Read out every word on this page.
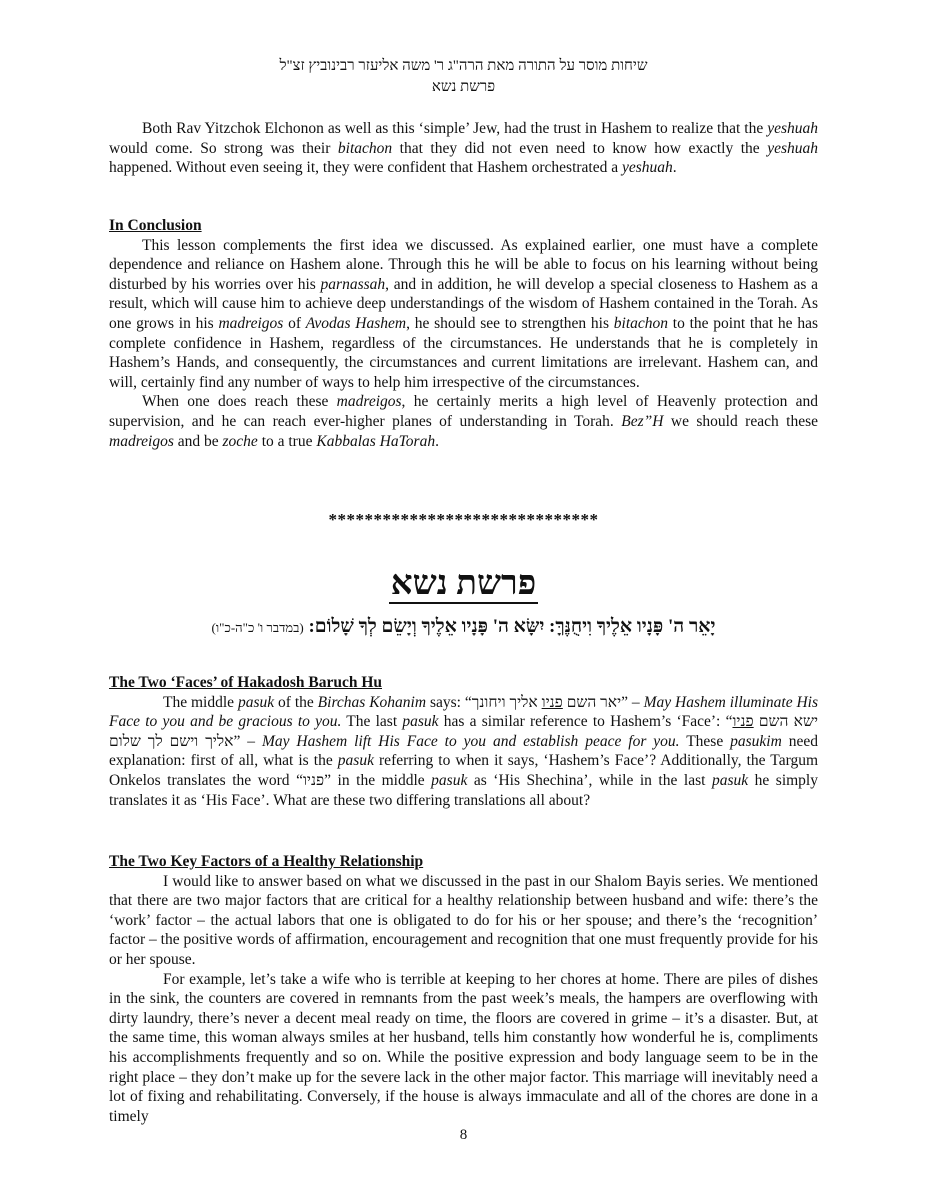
שיחות מוסר על התורה מאת הרה"ג ר' משה אליעזר רבינוביץ זצ"ל
פרשת נשא

Both Rav Yitzchok Elchonon as well as this ‘simple’ Jew, had the trust in Hashem to realize that the yeshuah would come. So strong was their bitachon that they did not even need to know how exactly the yeshuah happened. Without even seeing it, they were confident that Hashem orchestrated a yeshuah.

In Conclusion

This lesson complements the first idea we discussed. As explained earlier, one must have a complete dependence and reliance on Hashem alone. Through this he will be able to focus on his learning without being disturbed by his worries over his parnassah, and in addition, he will develop a special closeness to Hashem as a result, which will cause him to achieve deep understandings of the wisdom of Hashem contained in the Torah. As one grows in his madreigos of Avodas Hashem, he should see to strengthen his bitachon to the point that he has complete confidence in Hashem, regardless of the circumstances. He understands that he is completely in Hashem’s Hands, and consequently, the circumstances and current limitations are irrelevant. Hashem can, and will, certainly find any number of ways to help him irrespective of the circumstances.

When one does reach these madreigos, he certainly merits a high level of Heavenly protection and supervision, and he can reach ever-higher planes of understanding in Torah. Bez”H we should reach these madreigos and be zoche to a true Kabbalas HaTorah.

******************************
פרשת נשא
יָאֵר ה' פָּנָיו אֵלֶיךָ וִיחֻנֶּךָּ: יִשָּׂא ה' פָּנָיו אֵלֶיךָ וְיָשֵׂם לְךָ שָׁלוֹם: (במדבר ו' כ"ה-כ"ו)

The Two ‘Faces’ of Hakadosh Baruch Hu

The middle pasuk of the Birchas Kohanim says: “	יאר השם פניו אליך ויחונך	” – May Hashem illuminate His Face to you and be gracious to you. The last pasuk has a similar reference to Hashem’s ‘Face’: “ ישא השם פניו אליך וישם לך שלום” – May Hashem lift His Face to you and establish peace for you. These pasukim need explanation: first of all, what is the pasuk referring to when it says, ‘Hashem’s Face’? Additionally, the Targum Onkelos translates the word “פניו” in the middle pasuk as ‘His Shechina’, while in the last pasuk he simply translates it as ‘His Face’. What are these two differing translations all about?

The Two Key Factors of a Healthy Relationship

I would like to answer based on what we discussed in the past in our Shalom Bayis series. We mentioned that there are two major factors that are critical for a healthy relationship between husband and wife: there’s the ‘work’ factor – the actual labors that one is obligated to do for his or her spouse; and there’s the ‘recognition’ factor – the positive words of affirmation, encouragement and recognition that one must frequently provide for his or her spouse.

For example, let’s take a wife who is terrible at keeping to her chores at home. There are piles of dishes in the sink, the counters are covered in remnants from the past week’s meals, the hampers are overflowing with dirty laundry, there’s never a decent meal ready on time, the floors are covered in grime – it’s a disaster. But, at the same time, this woman always smiles at her husband, tells him constantly how wonderful he is, compliments his accomplishments frequently and so on. While the positive expression and body language seem to be in the right place – they don’t make up for the severe lack in the other major factor. This marriage will inevitably need a lot of fixing and rehabilitating. Conversely, if the house is always immaculate and all of the chores are done in a timely

8
